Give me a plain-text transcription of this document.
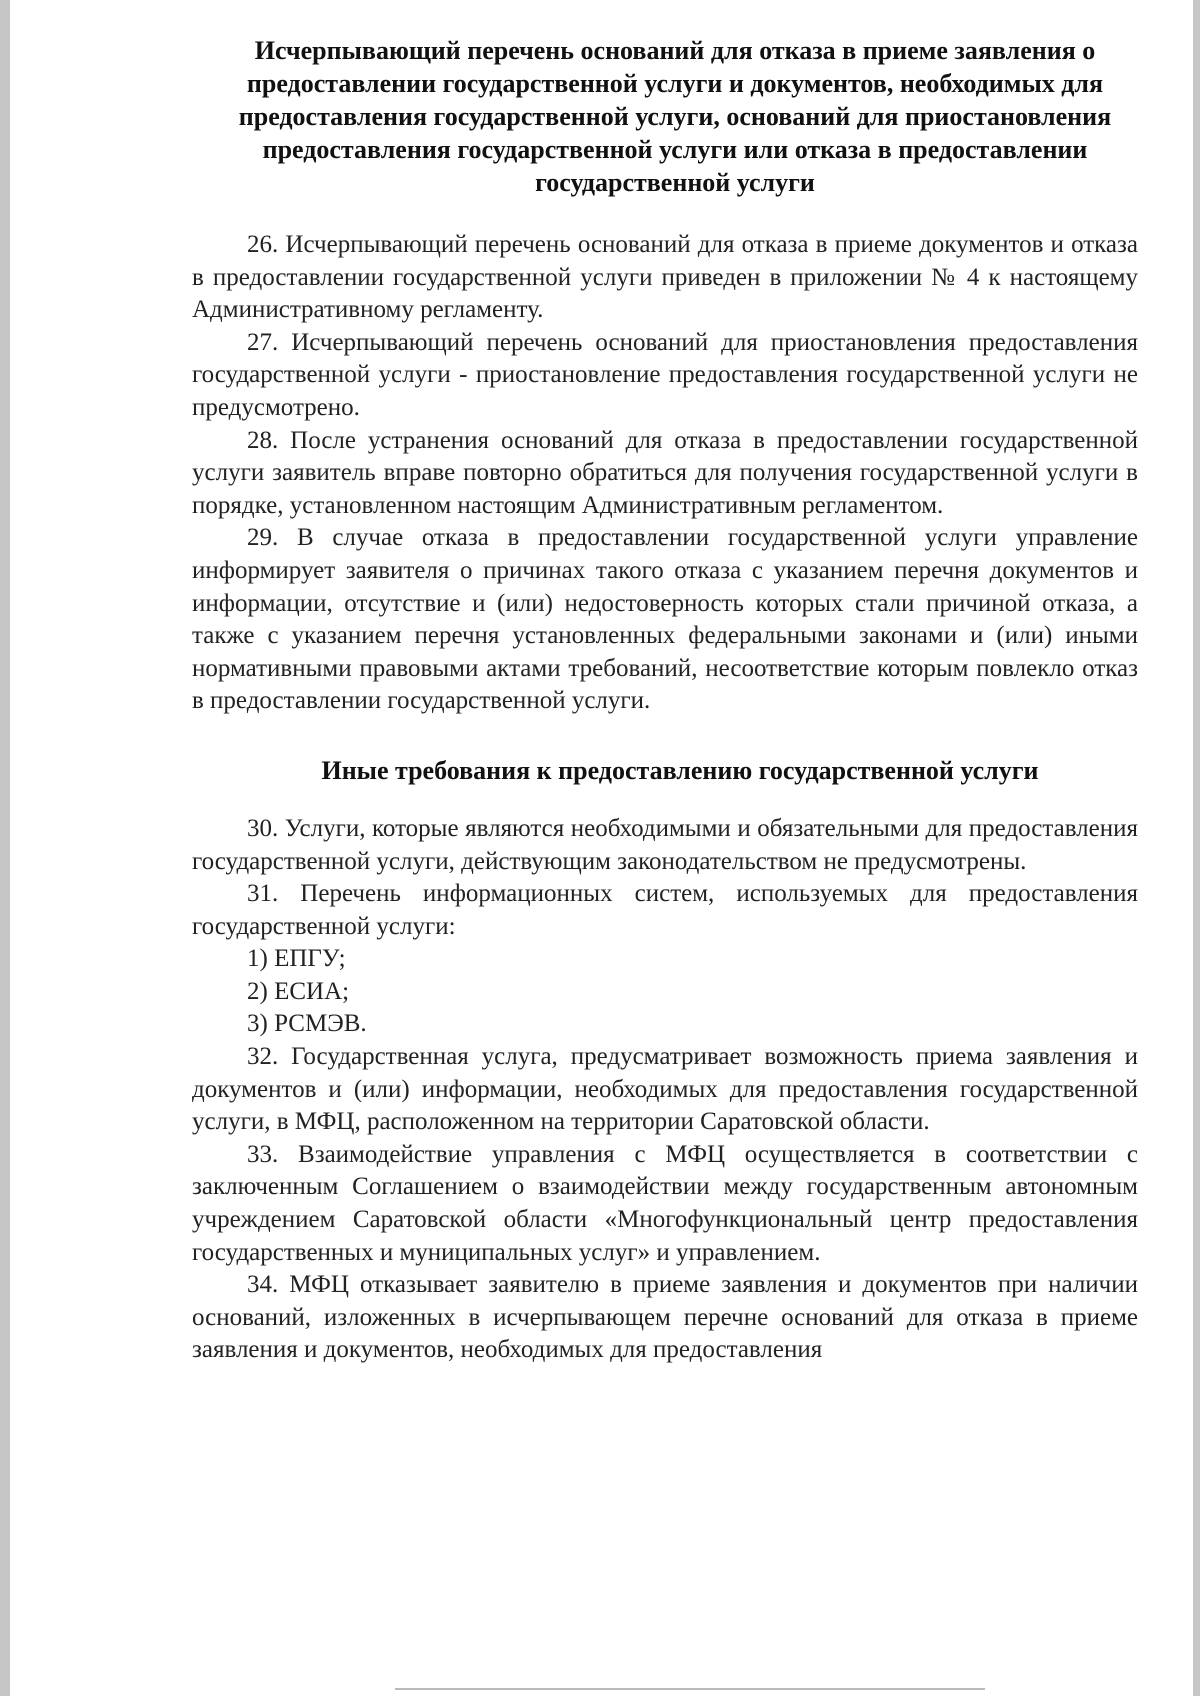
Исчерпывающий перечень оснований для отказа в приеме заявления о предоставлении государственной услуги и документов, необходимых для предоставления государственной услуги, оснований для приостановления предоставления государственной услуги или отказа в предоставлении государственной услуги

26. Исчерпывающий перечень оснований для отказа в приеме документов и отказа в предоставлении государственной услуги приведен в приложении № 4 к настоящему Административному регламенту.

27. Исчерпывающий перечень оснований для приостановления предоставления государственной услуги - приостановление предоставления государственной услуги не предусмотрено.

28. После устранения оснований для отказа в предоставлении государственной услуги заявитель вправе повторно обратиться для получения государственной услуги в порядке, установленном настоящим Административным регламентом.

29. В случае отказа в предоставлении государственной услуги управление информирует заявителя о причинах такого отказа с указанием перечня документов и информации, отсутствие и (или) недостоверность которых стали причиной отказа, а также с указанием перечня установленных федеральными законами и (или) иными нормативными правовыми актами требований, несоответствие которым повлекло отказ в предоставлении государственной услуги.

Иные требования к предоставлению государственной услуги

30. Услуги, которые являются необходимыми и обязательными для предоставления государственной услуги, действующим законодательством не предусмотрены.

31. Перечень информационных систем, используемых для предоставления государственной услуги:

1) ЕПГУ;

2) ЕСИА;

3) РСМЭВ.

32. Государственная услуга, предусматривает возможность приема заявления и документов и (или) информации, необходимых для предоставления государственной услуги, в МФЦ, расположенном на территории Саратовской области.

33. Взаимодействие управления с МФЦ осуществляется в соответствии с заключенным Соглашением о взаимодействии между государственным автономным учреждением Саратовской области «Многофункциональный центр предоставления государственных и муниципальных услуг» и управлением.

34. МФЦ отказывает заявителю в приеме заявления и документов при наличии оснований, изложенных в исчерпывающем перечне оснований для отказа в приеме заявления и документов, необходимых для предоставления
